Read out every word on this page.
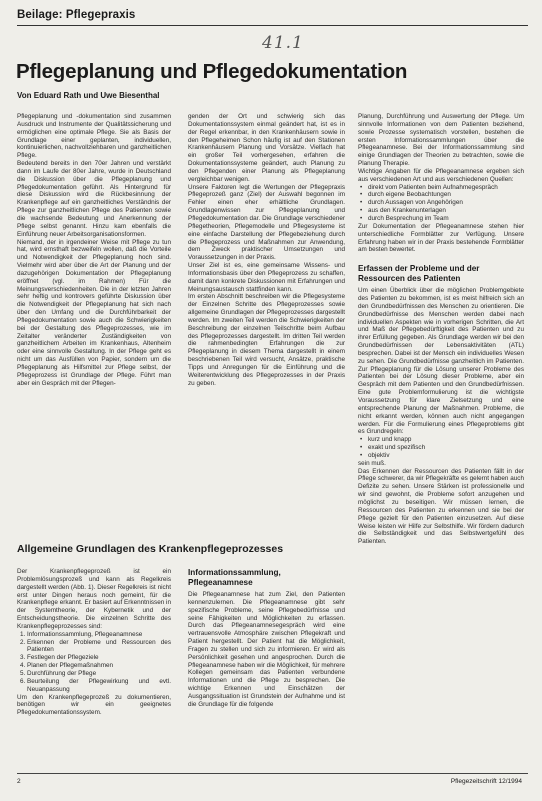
Beilage: Pflegepraxis
41.1
Pflegeplanung und Pflegedokumentation
Von Eduard Rath und Uwe Biesenthal

Pflegeplanung und -dokumentation sind zusammen Ausdruck und Instrumente der Qualitätssicherung und ermöglichen eine optimale Pflege. Sie als Basis der Grundlage einer geplanten, individuellen, kontinuierlichen, nachvollziehbaren und ganzheitlichen Pflege.

Bedeutend bereits in den 70er Jahren und verstärkt dann im Laufe der 80er Jahre, wurde in Deutschland die Diskussion über die Pflegeplanung und Pflegedokumentation geführt. Als Hintergrund für diese Diskussion wird die Rückbesinnung der Krankenpflege auf ein ganzheitliches Verständnis der Pflege zur ganzheitlichen Pflege des Patienten sowie die wachsende Bedeutung und Anerkennung der Pflege selbst genannt. Hinzu kam ebenfalls die Einführung neuer Arbeitsorganisationsformen.

Niemand, der in irgendeiner Weise mit Pflege zu tun hat, wird ernsthaft bezweifeln wollen, daß die Vorteile und Notwendigkeit der Pflegeplanung hoch sind. Vielmehr wird aber über die Art der Planung und der dazugehörigen Dokumentation der Pflegeplanung eröffnet (vgl. im Rahmen) Für die Meinungsverschiedenheiten. Die in der letzten Jahren sehr heftig und kontrovers geführte Diskussion über die Notwendigkeit der Pflegeplanung hat sich nach über den Umfang und die Durchführbarkeit der Pflegedokumentation sowie auch die Schwierigkeiten bei der Gestaltung des Pflegeprozesses, wie im Zeitalter veränderter Zuständigkeiten von ganzheitlichem Arbeiten im Krankenhaus, Altenheim oder eine sinnvolle Gestaltung. In der Pflege geht es nicht um das Ausfüllen von Papier, sondern um die Pflegeplanung als Hilfsmittel zur Pflege selbst, der Pflegeprozess ist Grundlage der Pflege. Führt man aber ein Gespräch mit der Pflegen-

genden der Ort und schwierig sich das Dokumentationssystem einmal geändert hat, ist es in der Regel erkennbar, in den Krankenhäusern sowie in den Pflegeheimen Schon häufig ist auf den Stationen Krankenhäusern Planung und Vorsätze. Vielfach hat ein großer Teil vorhergesehen, erfahren die Dokumentationssysteme geändert, auch Planung zu den Pflegenden einer Planung als Pflegeplanung vergleichbar wenigen.

Unsere Faktoren legt die Wertungen der Pflegepraxis Pflegeprozeß ganz (Ziel) der Auswahl begonnen im Fehler einen eher erhältliche Grundlagen. Grundlagenwissen zur Pflegeplanung und Pflegedokumentation dar. Die Grundlage verschiedener Pflegetheorien, Pflegemodelle und Pflegesysteme ist eine einfache Darstellung der Pflegebeziehung durch die Pflegeprozess und Maßnahmen zur Anwendung, dem Zweck praktischer Umsetzungen und Voraussetzungen in der Praxis.

Unser Ziel ist es, eine gemeinsame Wissens- und Informationsbasis über den Pflegeprozess zu schaffen, damit dann konkrete Diskussionen mit Erfahrungen und Meinungsaustausch stattfinden kann.

Im ersten Abschnitt beschreiben wir die Pflegesysteme der Einzelnen Schritte des Pflegeprozesses sowie allgemeine Grundlagen der Pflegeprozesses dargestellt werden. Im zweiten Teil werden die Schwierigkeiten der Beschreibung der einzelnen Teilschritte beim Aufbau des Pflegeprozesses dargestellt. Im dritten Teil werden die rahmenbedingten Erfahrungen die zur Pflegeplanung in diesem Thema dargestellt in einem beschriebenen Teil wird versucht, Ansätze, praktische Tipps und Anregungen für die Einführung und die Weiterentwicklung des Pflegeprozesses in der Praxis zu geben.

Planung, Durchführung und Auswertung der Pflege. Um sinnvolle Informationen von dem Patienten beziehend, sowie Prozesse systematisch vorstellen, bestehen die ersten Informationssammlungen über die Pflegeanamnese. Bei der Informationssammlung sind einige Grundlagen der Theorien zu betrachten, sowie die Planung Therapie.

Wichtige Angaben für die Pflegeanamnese ergeben sich aus verschiedenen Art und aus verschiedenen Quellen:

• direkt vom Patienten beim Aufnahmegespräch
• durch eigene Beobachtungen
• durch Aussagen von Angehörigen
• aus den Krankenunterlagen
• durch Besprechung im Team

Zur Dokumentation der Pflegeanamnese stehen hier unterschiedliche Formblätter zur Verfügung. Unsere Erfahrung haben wir in der Praxis bestehende Formblätter am besten bewertet.

Erfassen der Probleme und der Ressourcen des Patienten

Um einen Überblick über die möglichen Problemgebiete des Patienten zu bekommen, ist es meist hilfreich sich an den Grundbedürfnissen des Menschen zu orientieren. Die Grundbedürfnisse des Menschen werden dabei nach individuellen Aspekten wie in vorherigen Schritten, die Art und Maß der Pflegebedürftigkeit des Patienten und zu ihrer Erfüllung gegeben. Als Grundlage werden wir bei den Grundbedürfnissen der Lebensaktivitäten (ATL) besprechen. Dabei ist der Mensch ein individuelles Wesen zu sehen. Die Grundbedürfnisse ganzheitlich im Patienten. Zur Pflegeplanung für die Lösung unserer Probleme des Patienten bei der Lösung dieser Probleme, aber ein Gespräch mit dem Patienten und den Grundbedürfnissen. Eine gute Problemformulierung ist die wichtigste Voraussetzung für klare Zielsetzung und eine entsprechende Planung der Maßnahmen. Probleme, die nicht erkannt werden, können auch nicht angegangen werden. Für die Formulierung eines Pflegeproblems gibt es Grundregeln:

• kurz und knapp
• exakt und spezifisch
• objektiv

sein muß.
Das Erkennen der Ressourcen des Patienten fällt in der Pflege schwerer, da wir Pflegekräfte es gelernt haben auch Defizite zu sehen. Unsere Stärken ist professionelle und wir sind gewohnt, die Probleme sofort anzugehen und möglichst zu beseitigen. Wir müssen lernen, die Ressourcen des Patienten zu erkennen und sie bei der Pflege gezielt für den Patienten einzusetzen. Auf diese Weise leisten wir Hilfe zur Selbsthilfe. Wir fördern dadurch die Selbständigkeit und das Selbstwertgefühl des Patienten.

Allgemeine Grundlagen des Krankenpflegeprozesses

Der Krankenpflegeprozeß ist ein Problemlösungsprozeß und kann als Regelkreis dargestellt werden (Abb. 1). Dieser Regelkreis ist nicht erst unter Dingen heraus noch gemeint, für die Krankenpflege erkannt. Er basiert auf Erkenntnissen in der Systemtheorie, der Kybernetik und der Entscheidungstheorie. Die einzelnen Schritte des Krankenpflegeprozesses sind:

1. Informationssammlung, Pflegeanamnese
2. Erkennen der Probleme und Ressourcen des Patienten
3. Festlegen der Pflegeziele
4. Planen der Pflegemaßnahmen
5. Durchführung der Pflege
6. Beurteilung der Pflegewirkung und evtl. Neuanpassung

Um den Krankenpflegeprozeß zu dokumentieren, benötigen wir ein geeignetes Pflegedokumentationssystem.

Informationssammlung, Pflegeanamnese

Die Pflegeanamnese hat zum Ziel, den Patienten kennenzulernen. Die Pflegeanamnese gibt sehr spezifische Probleme, seine Pflegebedürfnisse und seine Fähigkeiten und Möglichkeiten zu erfassen. Durch das Pflegeanamnesegespräch wird eine vertrauensvolle Atmosphäre zwischen Pflegekraft und Patient hergestellt. Der Patient hat die Möglichkeit, Fragen zu stellen und sich zu informieren. Er wird als Persönlichkeit gesehen und angesprochen. Durch die Pflegeanamnese haben wir die Möglichkeit, für mehrere Kollegen gemeinsam das Patienten verbundene Informationen und die Pflege zu besprechen. Die wichtige Erkennen und Einschätzen der Ausgangssituation ist Grundstein der Aufnahme und ist die Grundlage für die folgende

2	Pflegezeitschrift 12/1994
